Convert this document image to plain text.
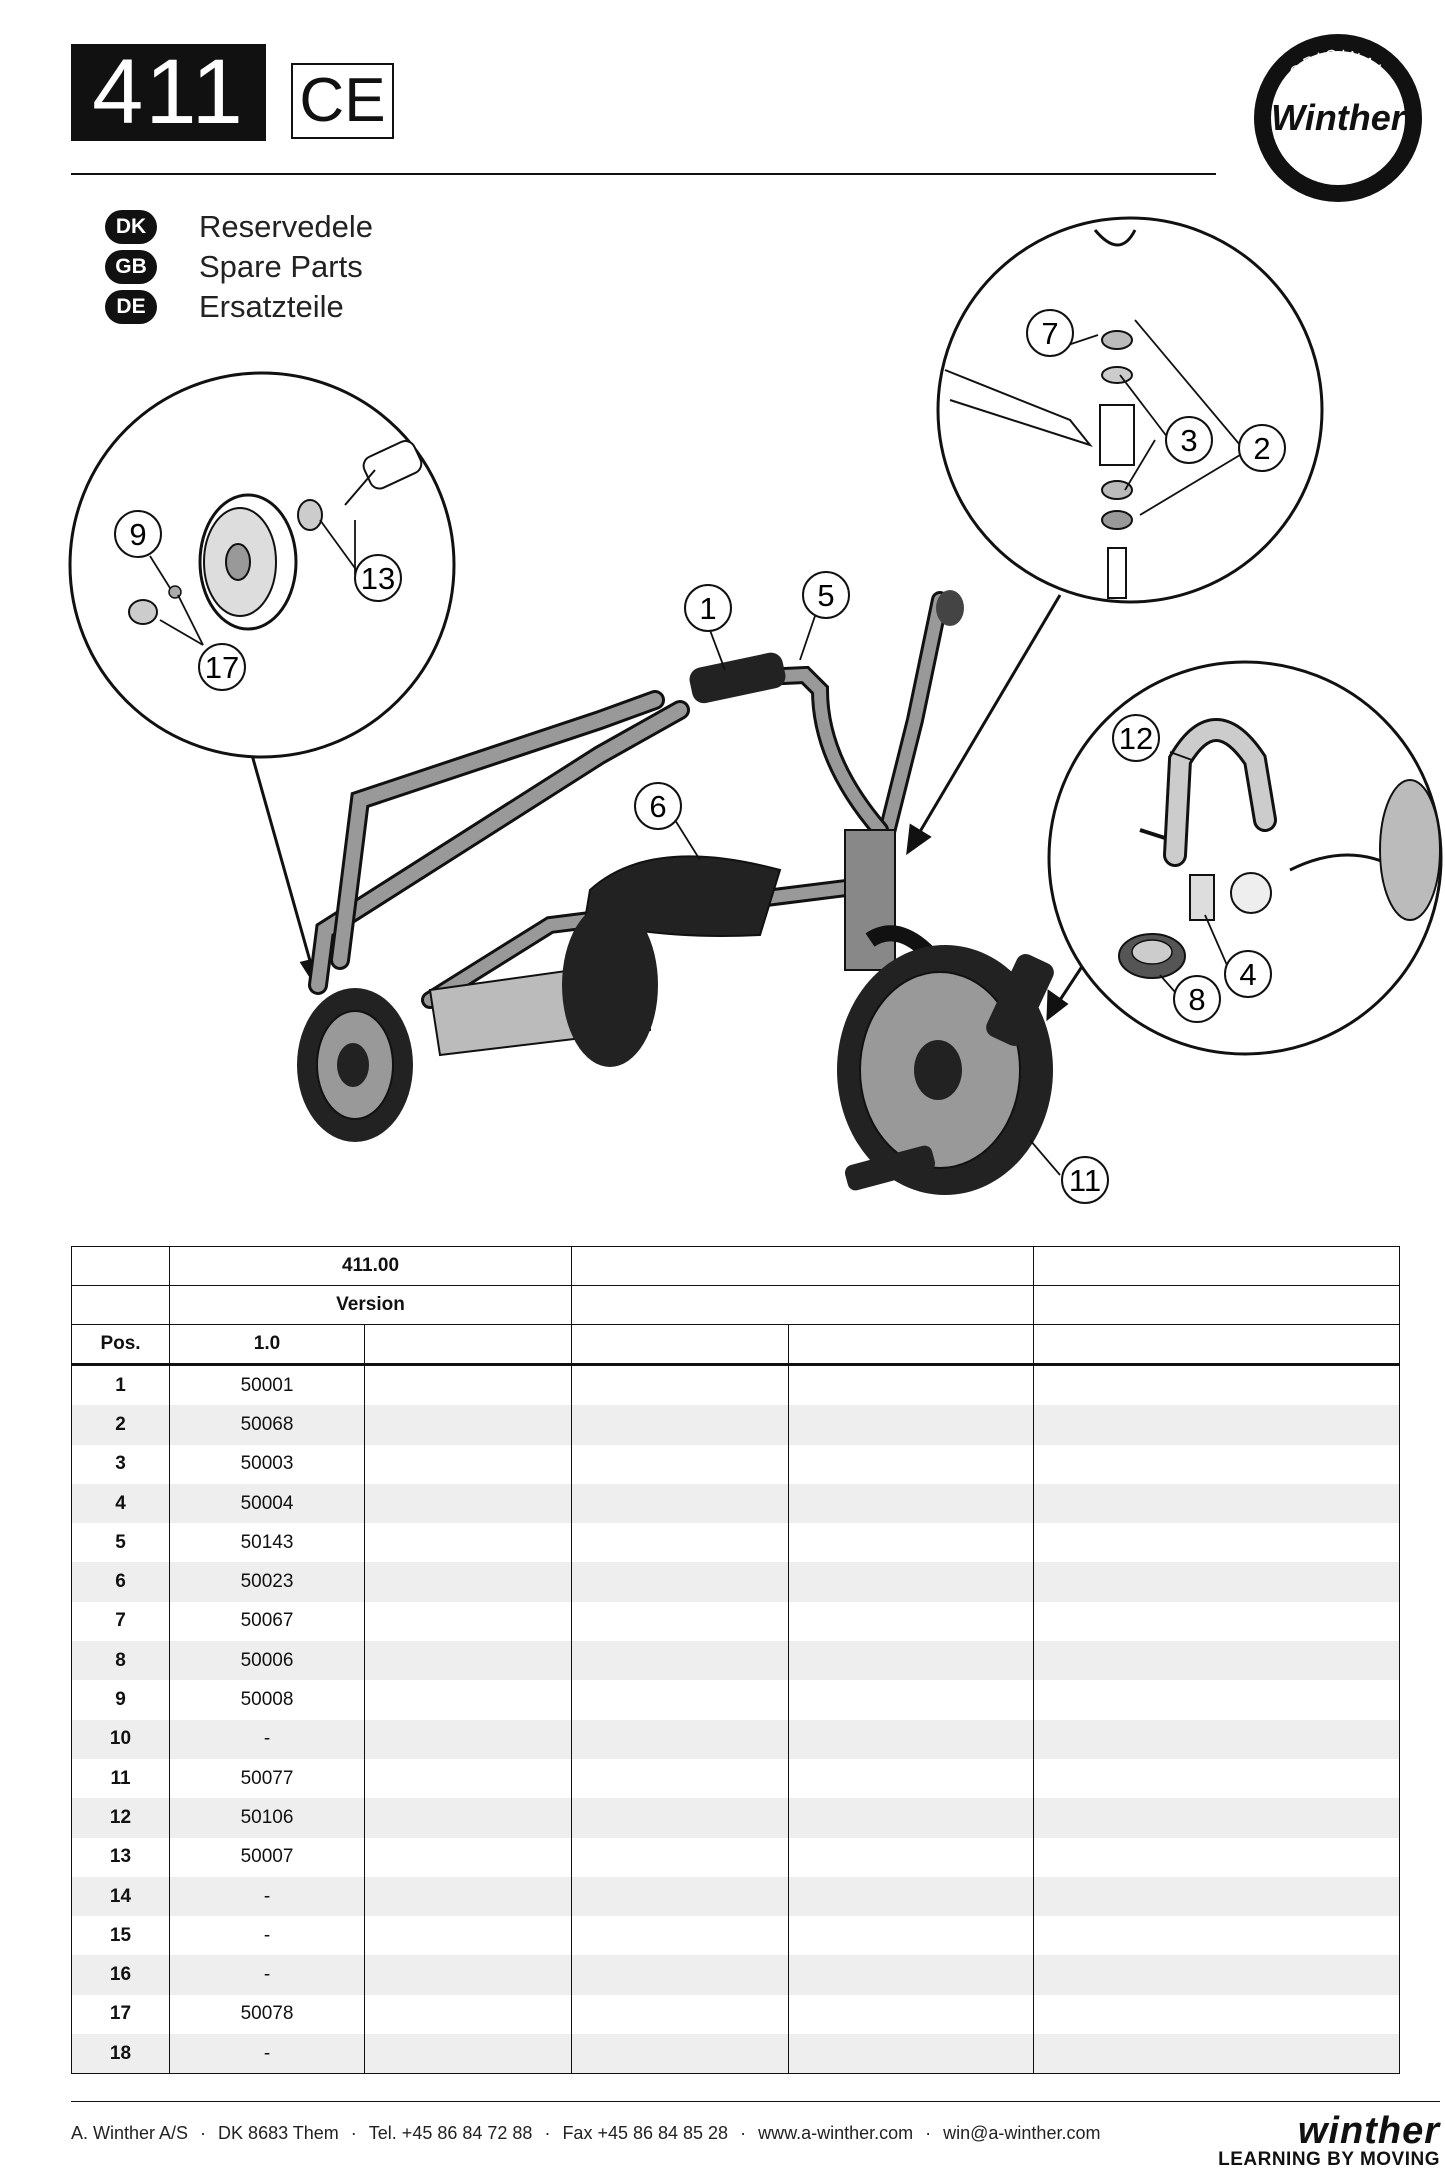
411 CE
DK	Reservedele
GB	Spare Parts
DE	Ersatzteile
ORIGINAL
DANISH DESIGN
Winther
1
2
3
4
5
6
7
8
9
11
12
13
17
	411.00				
	Version				
Pos.	1.0				
1	50001				
2	50068				
3	50003				
4	50004				
5	50143				
6	50023				
7	50067				
8	50006				
9	50008				
10	-				
11	50077				
12	50106				
13	50007				
14	-				
15	-				
16	-				
17	50078				
18	-				
A. Winther A/S · DK 8683 Them · Tel. +45 86 84 72 88 · Fax +45 86 84 85 28 · www.a-winther.com · win@a-winther.com	winther
LEARNING BY MOVING
